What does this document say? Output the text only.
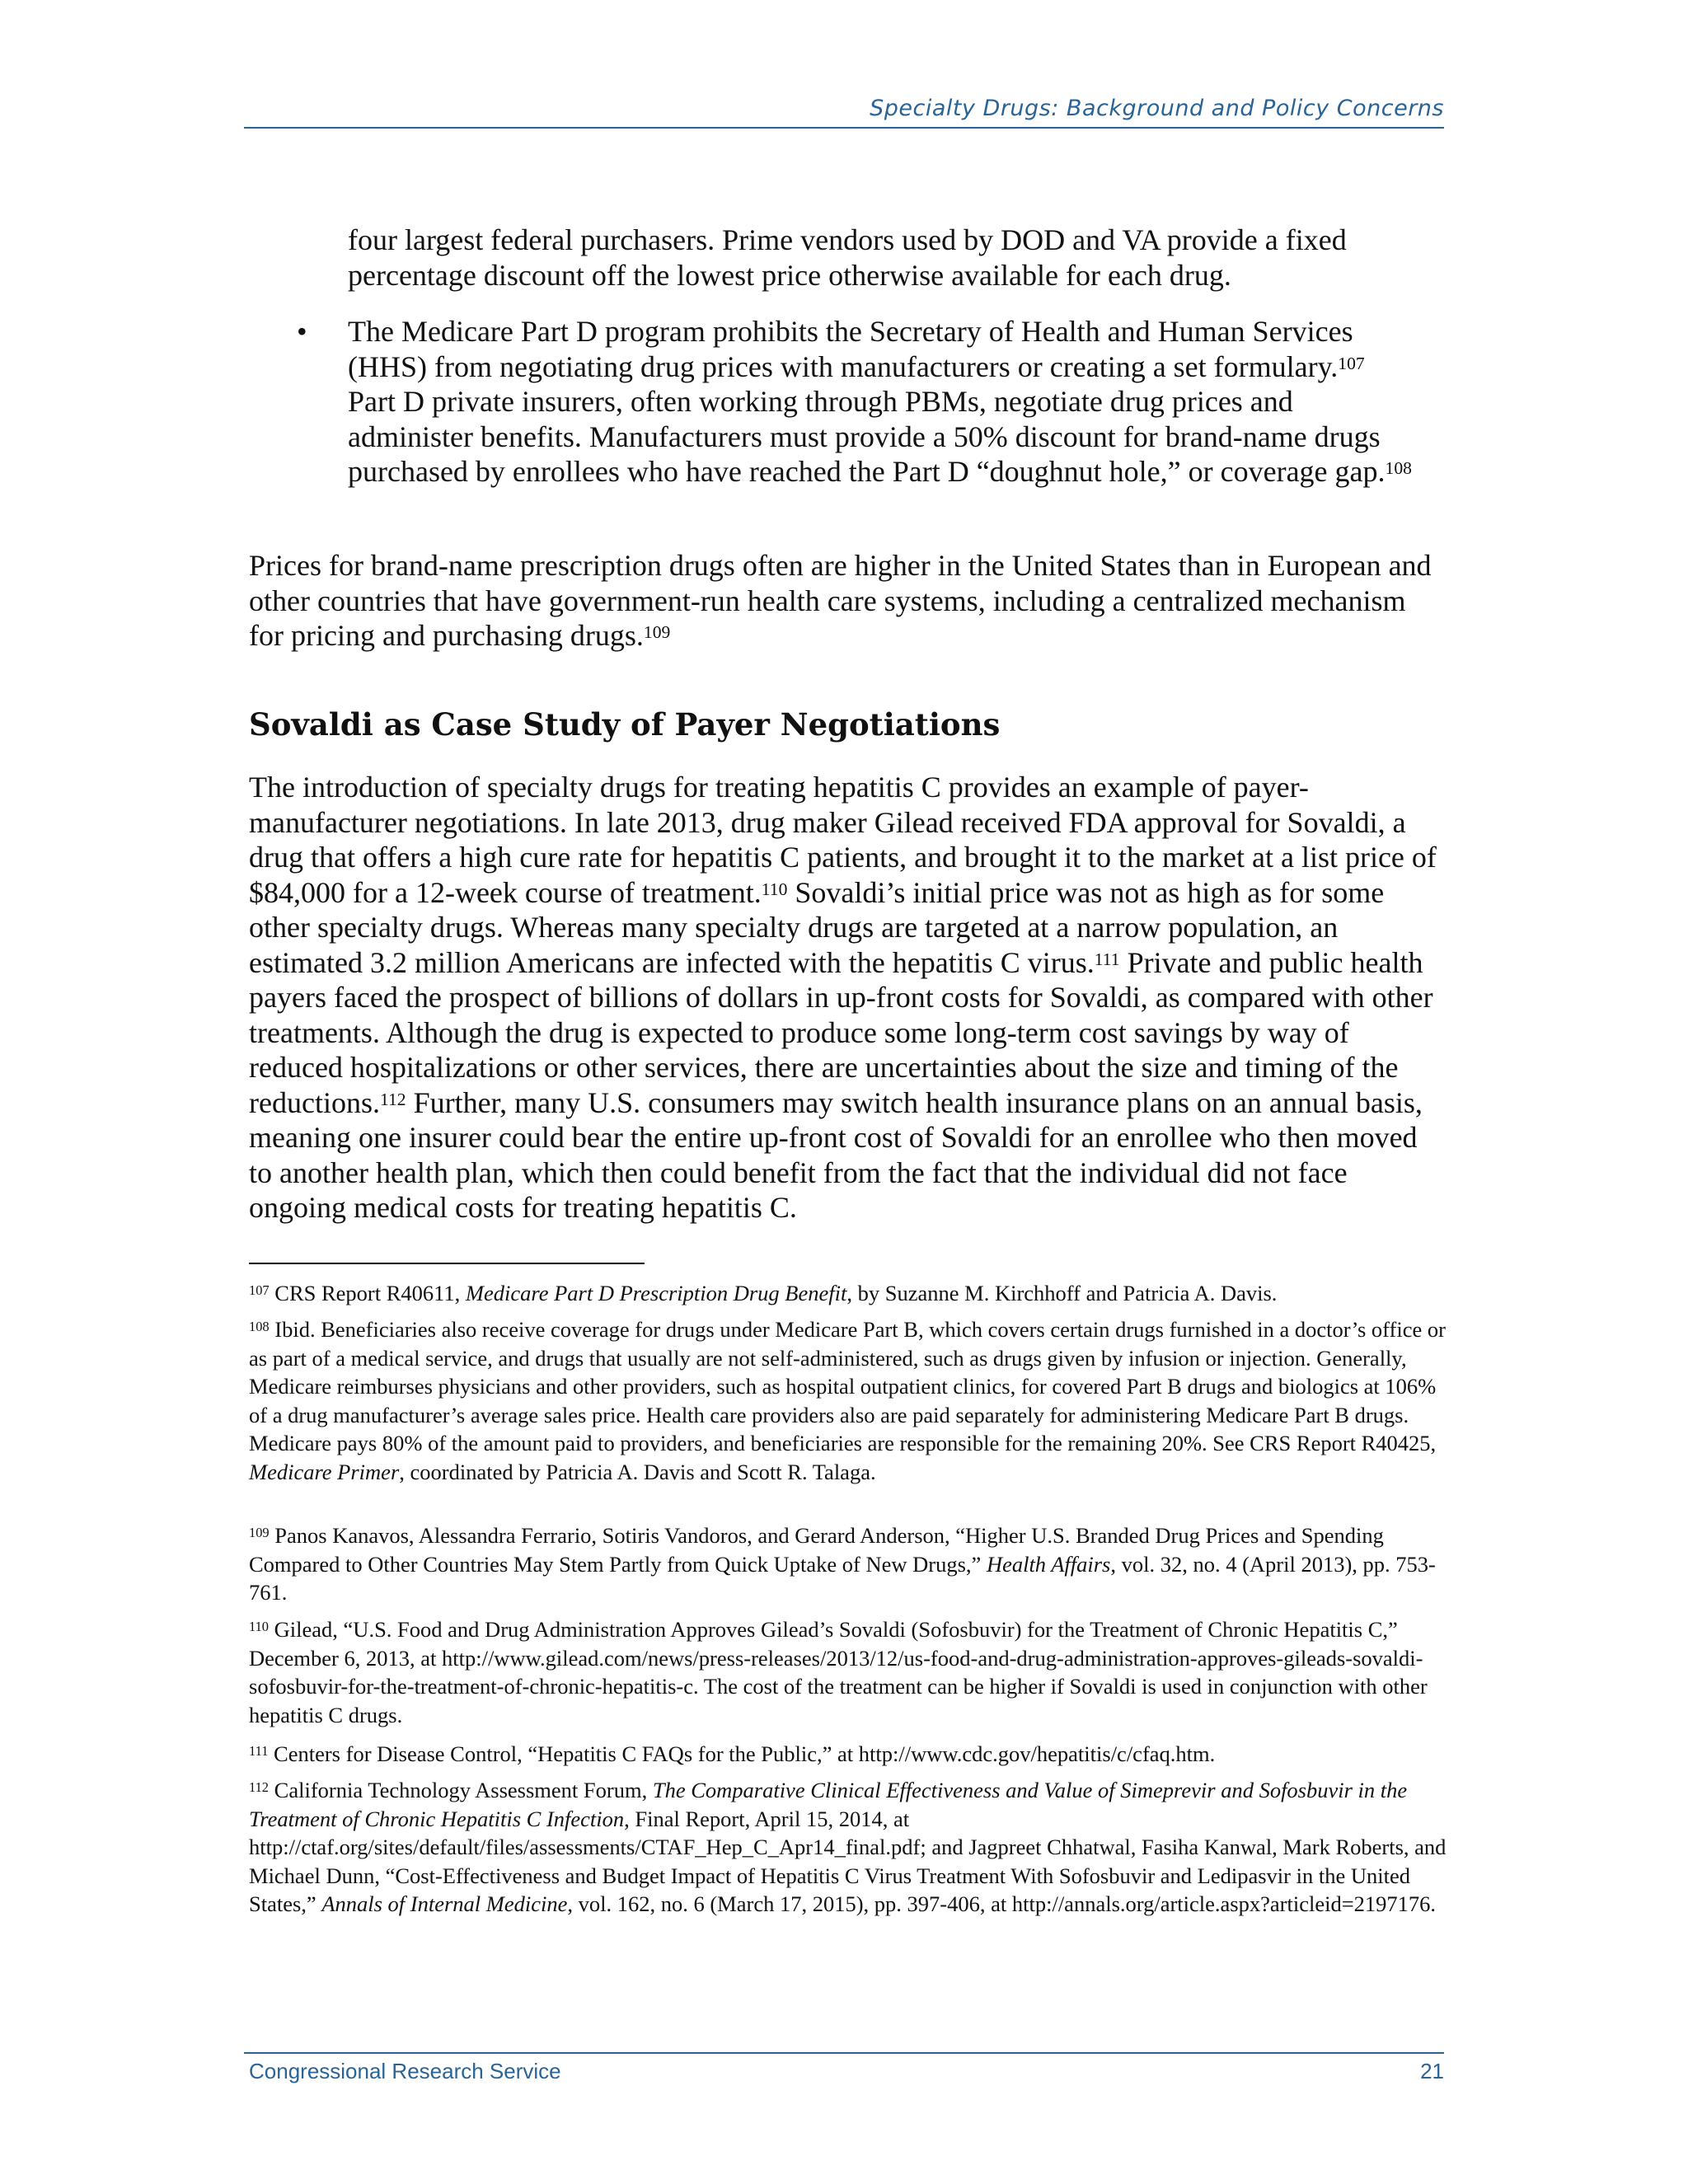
Specialty Drugs: Background and Policy Concerns

four largest federal purchasers. Prime vendors used by DOD and VA provide a fixed percentage discount off the lowest price otherwise available for each drug.

• The Medicare Part D program prohibits the Secretary of Health and Human Services (HHS) from negotiating drug prices with manufacturers or creating a set formulary.$^{107}$ Part D private insurers, often working through PBMs, negotiate drug prices and administer benefits. Manufacturers must provide a 50% discount for brand-name drugs purchased by enrollees who have reached the Part D “doughnut hole,” or coverage gap.$^{108}$

Prices for brand-name prescription drugs often are higher in the United States than in European and other countries that have government-run health care systems, including a centralized mechanism for pricing and purchasing drugs.$^{109}$

Sovaldi as Case Study of Payer Negotiations

The introduction of specialty drugs for treating hepatitis C provides an example of payer-manufacturer negotiations. In late 2013, drug maker Gilead received FDA approval for Sovaldi, a drug that offers a high cure rate for hepatitis C patients, and brought it to the market at a list price of $84,000 for a 12-week course of treatment.$^{110}$ Sovaldi’s initial price was not as high as for some other specialty drugs. Whereas many specialty drugs are targeted at a narrow population, an estimated 3.2 million Americans are infected with the hepatitis C virus.$^{111}$ Private and public health payers faced the prospect of billions of dollars in up-front costs for Sovaldi, as compared with other treatments. Although the drug is expected to produce some long-term cost savings by way of reduced hospitalizations or other services, there are uncertainties about the size and timing of the reductions.$^{112}$ Further, many U.S. consumers may switch health insurance plans on an annual basis, meaning one insurer could bear the entire up-front cost of Sovaldi for an enrollee who then moved to another health plan, which then could benefit from the fact that the individual did not face ongoing medical costs for treating hepatitis C.

$^{107}$ CRS Report R40611, Medicare Part D Prescription Drug Benefit, by Suzanne M. Kirchhoff and Patricia A. Davis.

$^{108}$ Ibid. Beneficiaries also receive coverage for drugs under Medicare Part B, which covers certain drugs furnished in a doctor’s office or as part of a medical service, and drugs that usually are not self-administered, such as drugs given by infusion or injection. Generally, Medicare reimburses physicians and other providers, such as hospital outpatient clinics, for covered Part B drugs and biologics at 106% of a drug manufacturer’s average sales price. Health care providers also are paid separately for administering Medicare Part B drugs. Medicare pays 80% of the amount paid to providers, and beneficiaries are responsible for the remaining 20%. See CRS Report R40425, Medicare Primer, coordinated by Patricia A. Davis and Scott R. Talaga.

$^{109}$ Panos Kanavos, Alessandra Ferrario, Sotiris Vandoros, and Gerard Anderson, “Higher U.S. Branded Drug Prices and Spending Compared to Other Countries May Stem Partly from Quick Uptake of New Drugs,” Health Affairs, vol. 32, no. 4 (April 2013), pp. 753-761.

$^{110}$ Gilead, “U.S. Food and Drug Administration Approves Gilead’s Sovaldi (Sofosbuvir) for the Treatment of Chronic Hepatitis C,” December 6, 2013, at http://www.gilead.com/news/press-releases/2013/12/us-food-and-drug-administration-approves-gileads-sovaldi-sofosbuvir-for-the-treatment-of-chronic-hepatitis-c. The cost of the treatment can be higher if Sovaldi is used in conjunction with other hepatitis C drugs.

$^{111}$ Centers for Disease Control, “Hepatitis C FAQs for the Public,” at http://www.cdc.gov/hepatitis/c/cfaq.htm.

$^{112}$ California Technology Assessment Forum, The Comparative Clinical Effectiveness and Value of Simeprevir and Sofosbuvir in the Treatment of Chronic Hepatitis C Infection, Final Report, April 15, 2014, at http://ctaf.org/sites/default/files/assessments/CTAF_Hep_C_Apr14_final.pdf; and Jagpreet Chhatwal, Fasiha Kanwal, Mark Roberts, and Michael Dunn, “Cost-Effectiveness and Budget Impact of Hepatitis C Virus Treatment With Sofosbuvir and Ledipasvir in the United States,” Annals of Internal Medicine, vol. 162, no. 6 (March 17, 2015), pp. 397-406, at http://annals.org/article.aspx?articleid=2197176.

Congressional Research Service	21
